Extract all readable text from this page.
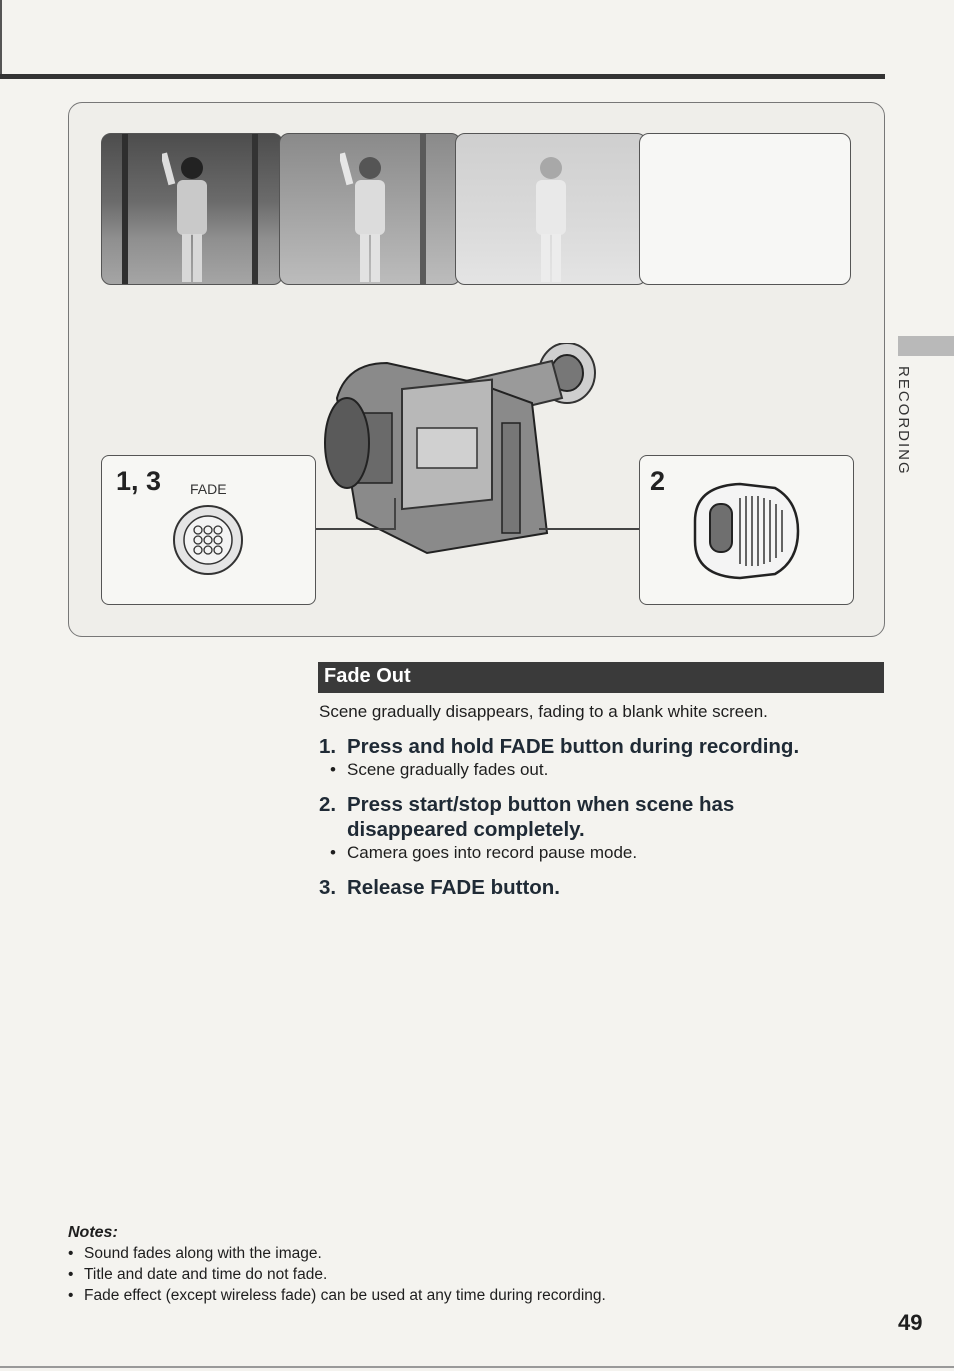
RECORDING
1, 3 FADE	2
Fade Out
Scene gradually disappears, fading to a blank white screen.
1. Press and hold FADE button during recording.
• Scene gradually fades out.
2. Press start/stop button when scene has
disappeared completely.
• Camera goes into record pause mode.
3. Release FADE button.
Notes:
• Sound fades along with the image.
• Title and date and time do not fade.
• Fade effect (except wireless fade) can be used at any time during recording.
49
